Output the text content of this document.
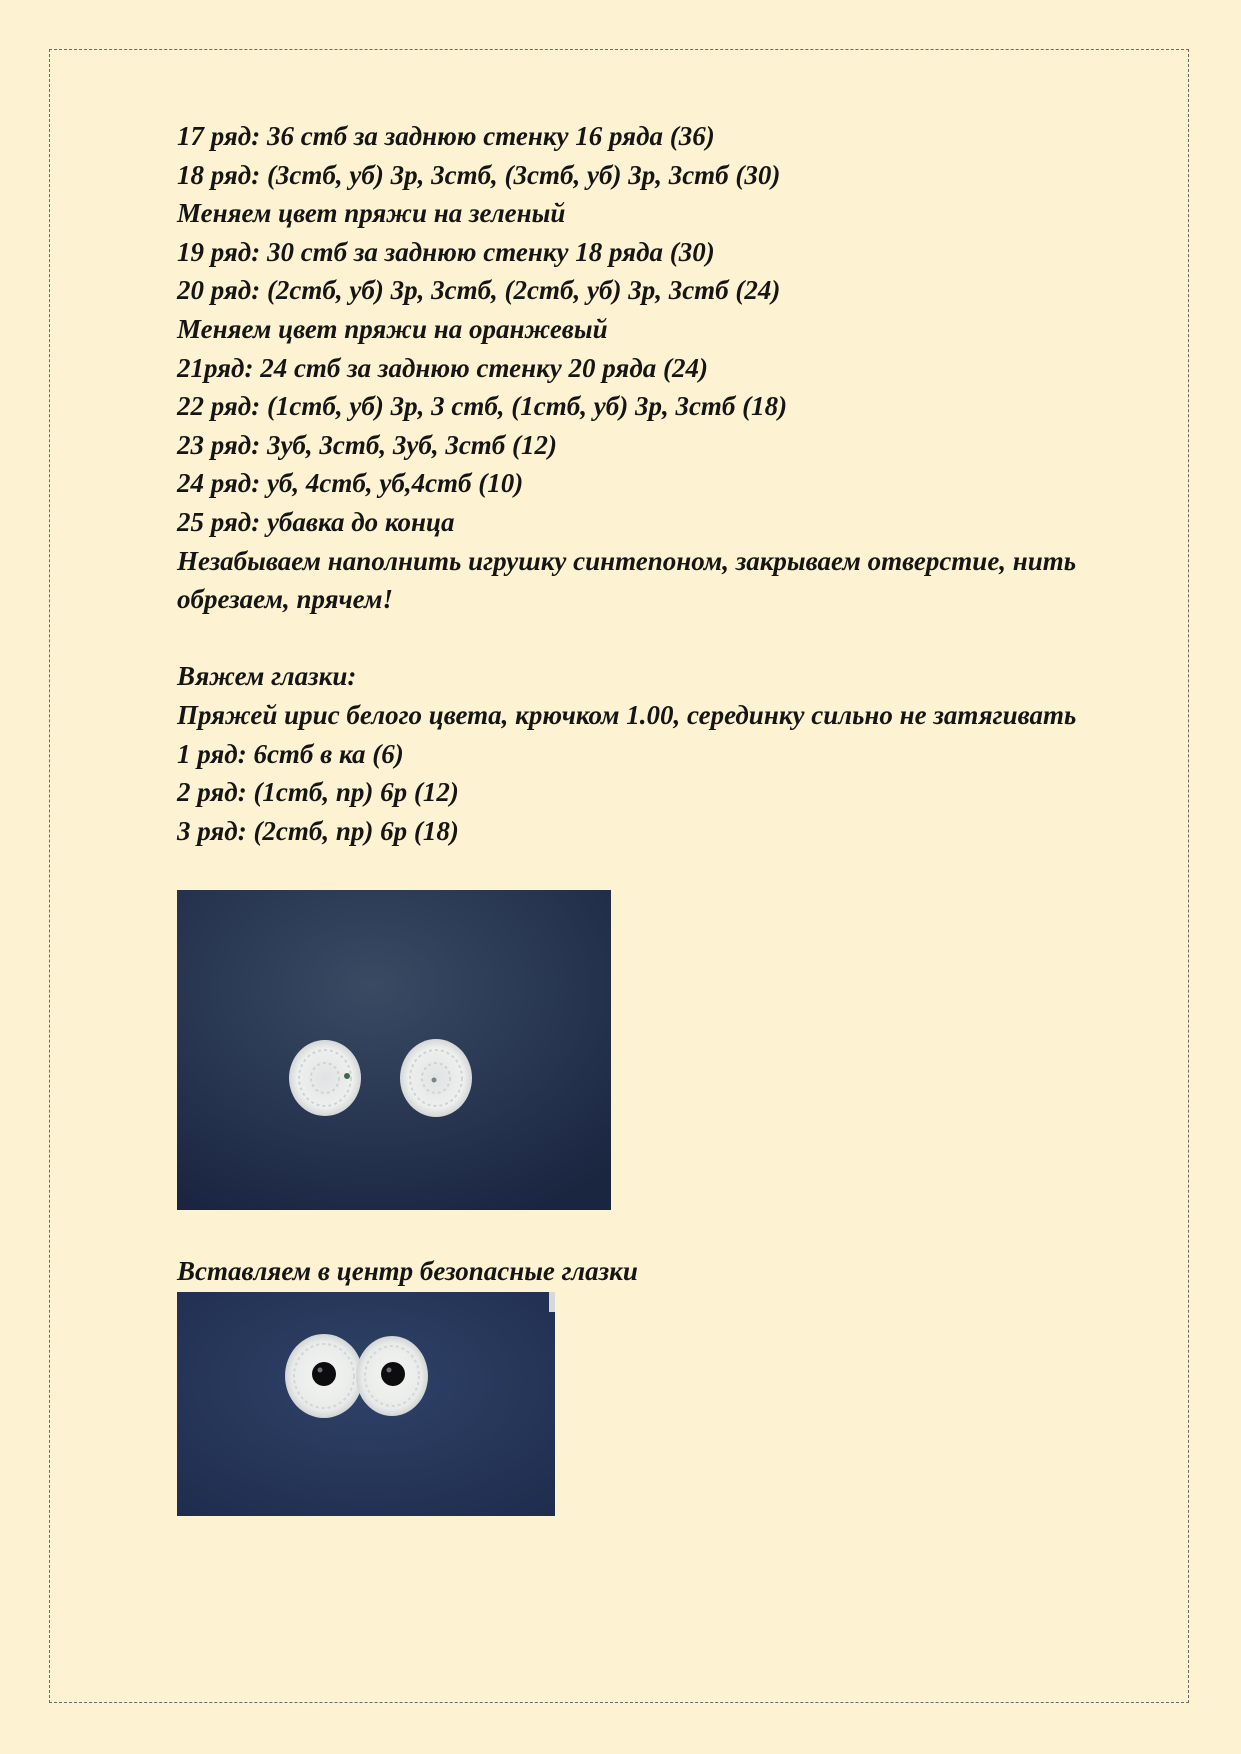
17 ряд: 36 стб за заднюю стенку 16 ряда (36)
18 ряд: (3стб, уб) 3р, 3стб, (3стб, уб) 3р, 3стб (30)
Меняем цвет пряжи на зеленый
19 ряд: 30 стб за заднюю стенку 18 ряда (30)
20 ряд: (2стб, уб) 3р, 3стб, (2стб, уб) 3р, 3стб (24)
Меняем цвет пряжи на оранжевый
21ряд: 24 стб за заднюю стенку 20 ряда (24)
22 ряд: (1стб, уб) 3р, 3 стб, (1стб, уб) 3р, 3стб (18)
23 ряд: 3уб, 3стб, 3уб, 3стб (12)
24 ряд: уб, 4стб, уб,4стб (10)
25 ряд: убавка до конца
Незабываем наполнить игрушку синтепоном, закрываем отверстие, нить
обрезаем, прячем!
Вяжем глазки:
Пряжей ирис белого цвета, крючком 1.00, серединку сильно не затягивать
1 ряд: 6стб в ка (6)
2 ряд: (1стб, пр) 6р (12)
3 ряд: (2стб, пр) 6р (18)

Вставляем в центр безопасные глазки
